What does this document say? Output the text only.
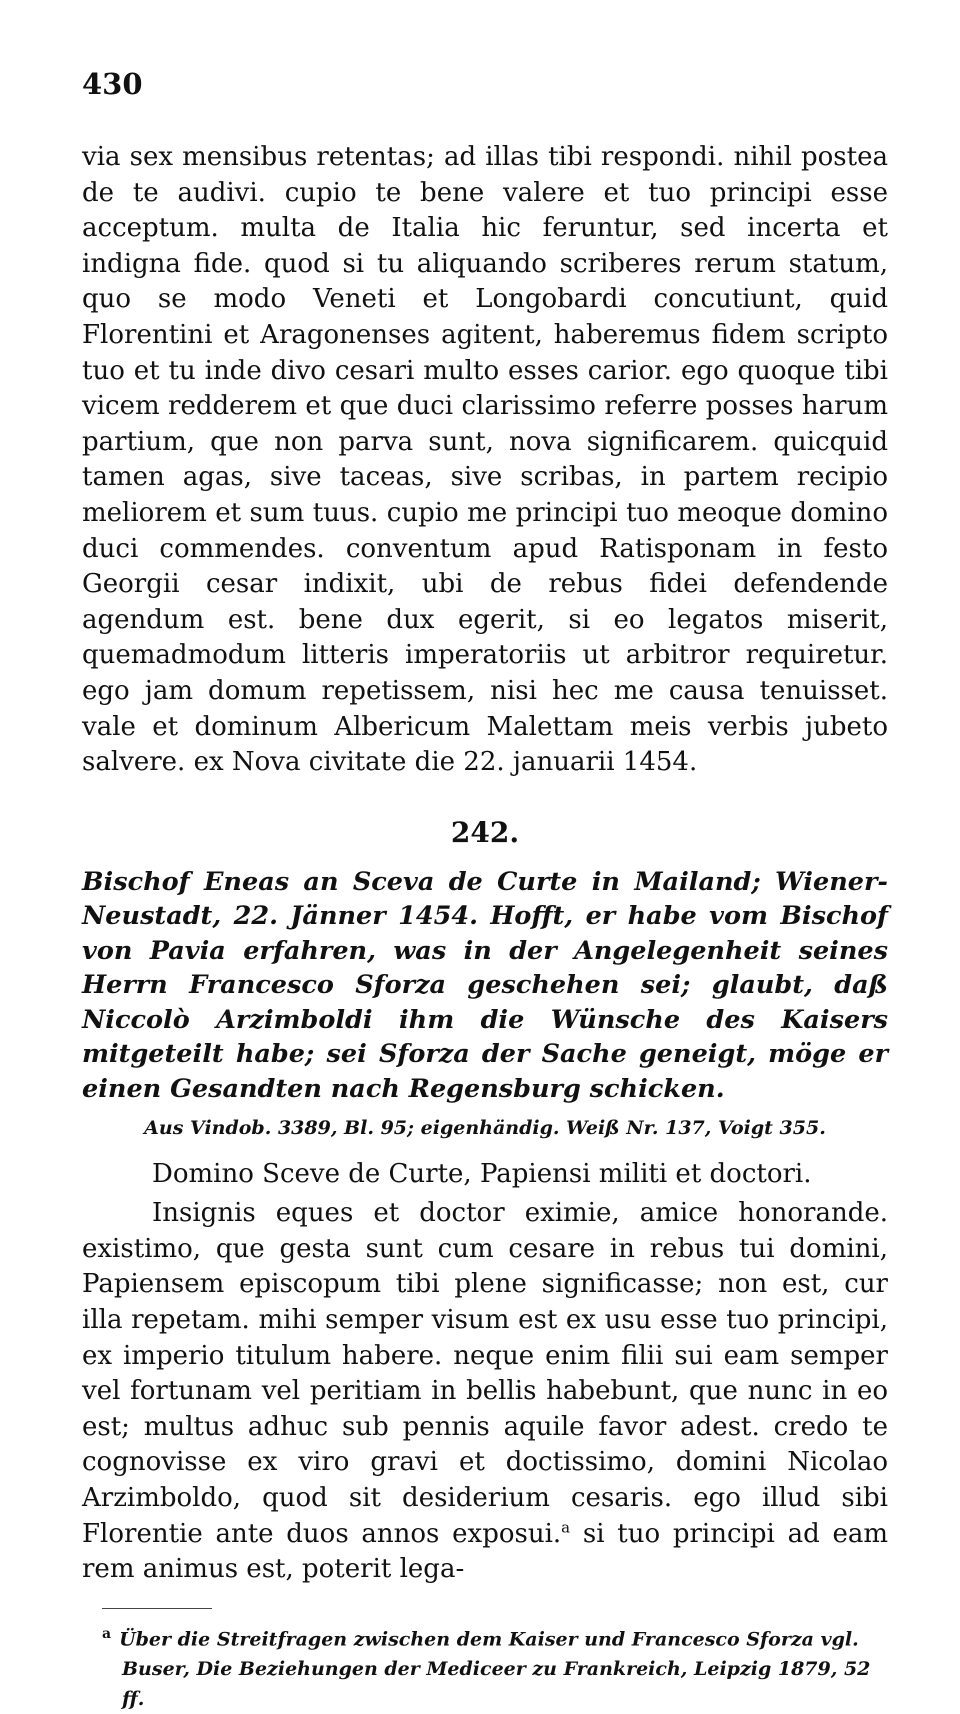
430

via sex mensibus retentas; ad illas tibi respondi. nihil postea de te audivi. cupio te bene valere et tuo principi esse acceptum. multa de Italia hic feruntur, sed incerta et indigna fide. quod si tu aliquando scriberes rerum statum, quo se modo Veneti et Longobardi concutiunt, quid Florentini et Aragonenses agitent, haberemus fidem scripto tuo et tu inde divo cesari multo esses carior. ego quoque tibi vicem redderem et que duci clarissimo referre posses harum partium, que non parva sunt, nova significarem. quicquid tamen agas, sive taceas, sive scribas, in partem recipio meliorem et sum tuus. cupio me principi tuo meoque domino duci commendes. conventum apud Ratisponam in festo Georgii cesar indixit, ubi de rebus fidei defendende agendum est. bene dux egerit, si eo legatos miserit, quemadmodum litteris imperatoriis ut arbitror requiretur. ego jam domum repetissem, nisi hec me causa tenuisset. vale et dominum Albericum Malettam meis verbis jubeto salvere. ex Nova civitate die 22. januarii 1454.

242.

Bischof Eneas an Sceva de Curte in Mailand; Wiener-Neustadt, 22. Jänner 1454. Hofft, er habe vom Bischof von Pavia erfahren, was in der Angelegenheit seines Herrn Francesco Sforza geschehen sei; glaubt, daß Niccolò Arzimboldi ihm die Wünsche des Kaisers mitgeteilt habe; sei Sforza der Sache geneigt, möge er einen Gesandten nach Regensburg schicken.

Aus Vindob. 3389, Bl. 95; eigenhändig. Weiß Nr. 137, Voigt 355.

Domino Sceve de Curte, Papiensi militi et doctori.

Insignis eques et doctor eximie, amice honorande. existimo, que gesta sunt cum cesare in rebus tui domini, Papiensem episcopum tibi plene significasse; non est, cur illa repetam. mihi semper visum est ex usu esse tuo principi, ex imperio titulum habere. neque enim filii sui eam semper vel fortunam vel peritiam in bellis habebunt, que nunc in eo est; multus adhuc sub pennis aquile favor adest. credo te cognovisse ex viro gravi et doctissimo, domini Nicolao Arzimboldo, quod sit desiderium cesaris. ego illud sibi Florentie ante duos annos exposui.$^a$ si tuo principi ad eam rem animus est, poterit lega-

$^a$ Über die Streitfragen zwischen dem Kaiser und Francesco Sforza vgl. Buser, Die Beziehungen der Mediceer zu Frankreich, Leipzig 1879, 52 ff.
